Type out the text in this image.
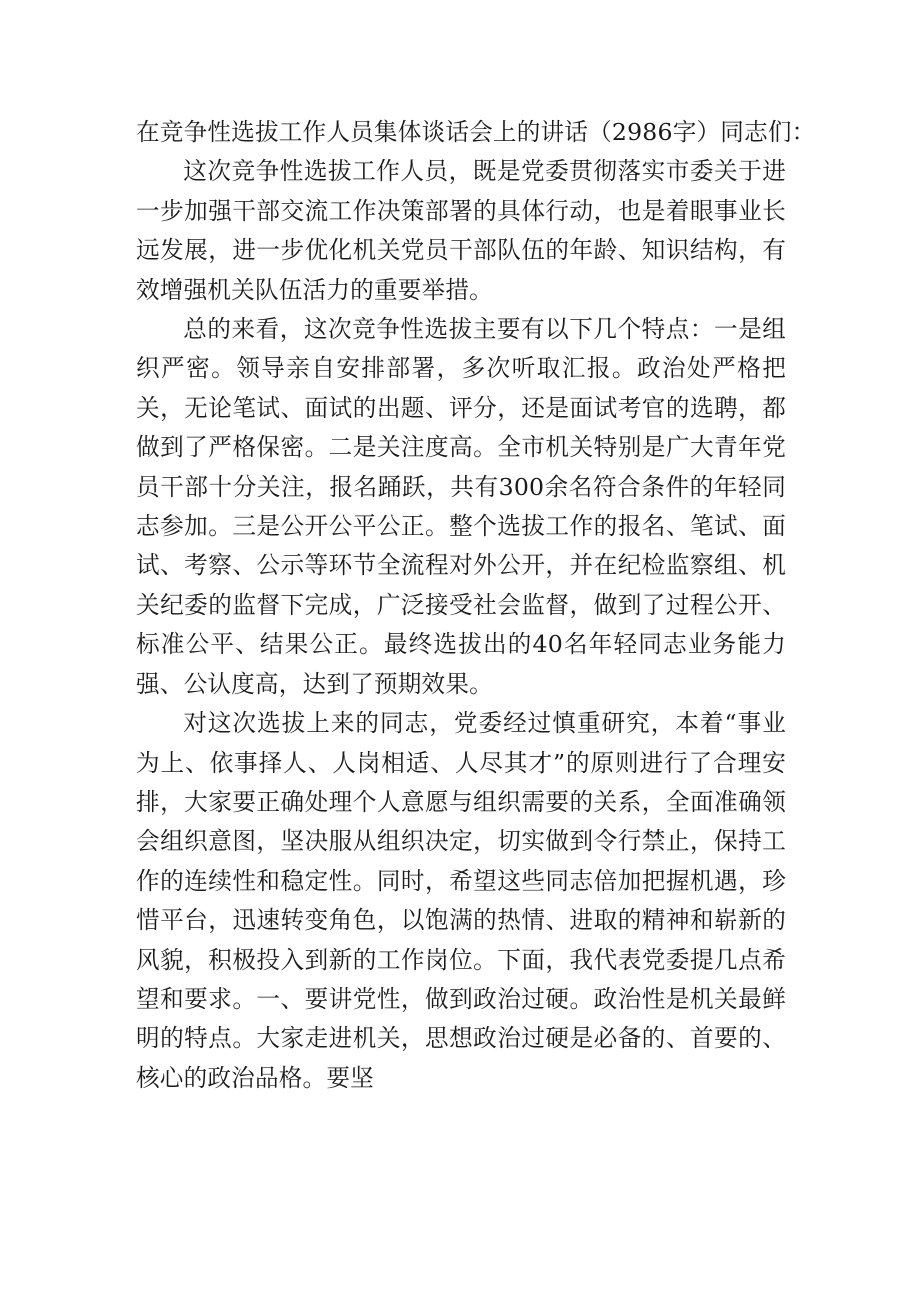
在竞争性选拔工作人员集体谈话会上的讲话（2986字）同志们：

这次竞争性选拔工作人员，既是党委贯彻落实市委关于进一步加强干部交流工作决策部署的具体行动，也是着眼事业长远发展，进一步优化机关党员干部队伍的年龄、知识结构，有效增强机关队伍活力的重要举措。

总的来看，这次竞争性选拔主要有以下几个特点：一是组织严密。领导亲自安排部署，多次听取汇报。政治处严格把关，无论笔试、面试的出题、评分，还是面试考官的选聘，都做到了严格保密。二是关注度高。全市机关特别是广大青年党员干部十分关注，报名踊跃，共有300余名符合条件的年轻同志参加。三是公开公平公正。整个选拔工作的报名、笔试、面试、考察、公示等环节全流程对外公开，并在纪检监察组、机关纪委的监督下完成，广泛接受社会监督，做到了过程公开、标准公平、结果公正。最终选拔出的40名年轻同志业务能力强、公认度高，达到了预期效果。

对这次选拔上来的同志，党委经过慎重研究，本着“事业为上、依事择人、人岗相适、人尽其才”的原则进行了合理安排，大家要正确处理个人意愿与组织需要的关系，全面准确领会组织意图，坚决服从组织决定，切实做到令行禁止，保持工作的连续性和稳定性。同时，希望这些同志倍加把握机遇，珍惜平台，迅速转变角色，以饱满的热情、进取的精神和崭新的风貌，积极投入到新的工作岗位。下面，我代表党委提几点希望和要求。一、要讲党性，做到政治过硬。政治性是机关最鲜明的特点。大家走进机关，思想政治过硬是必备的、首要的、核心的政治品格。要坚
